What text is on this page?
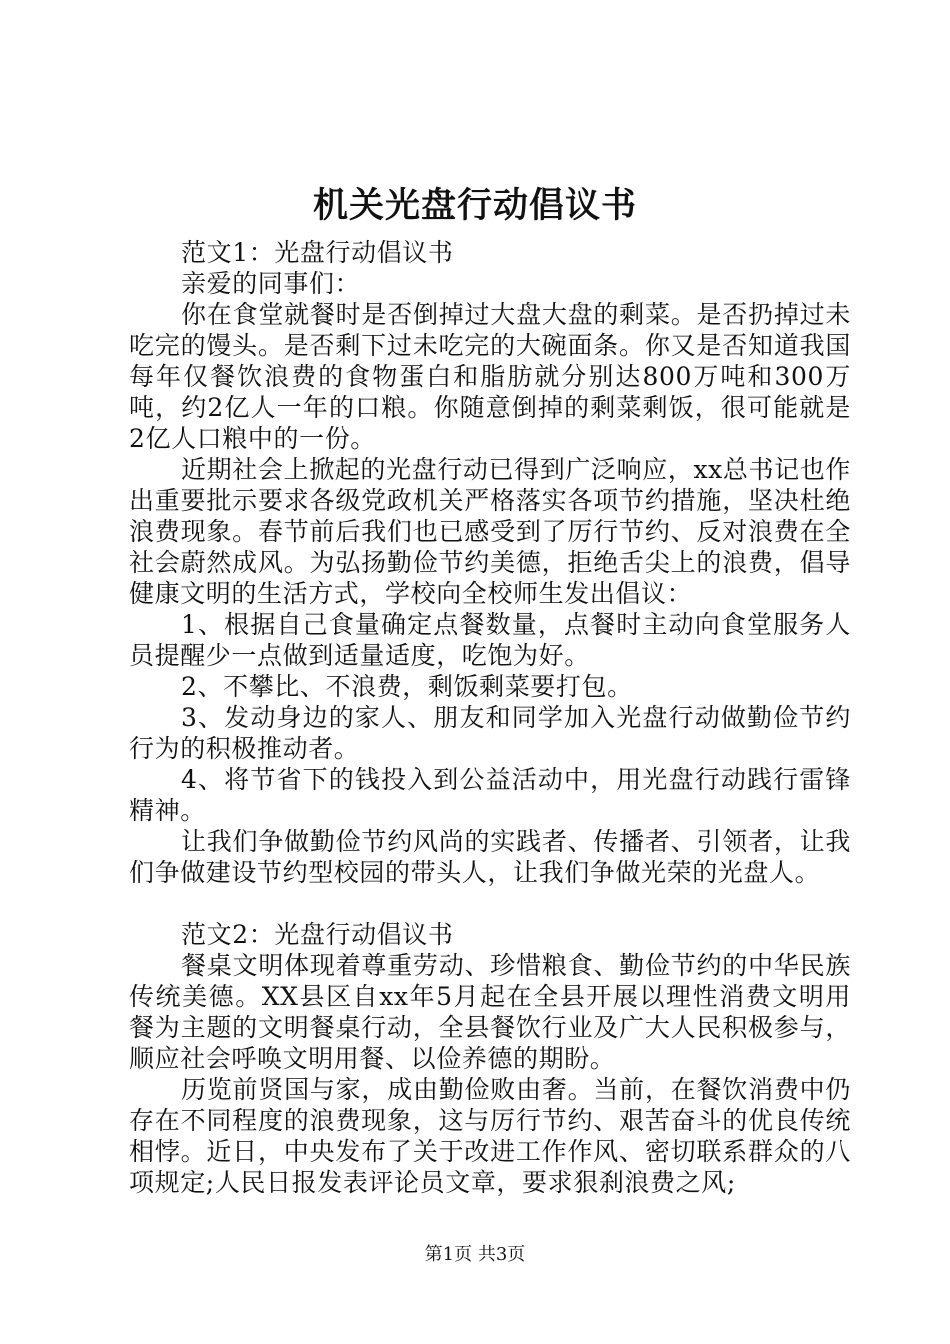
机关光盘行动倡议书

范文1：光盘行动倡议书

亲爱的同事们：

你在食堂就餐时是否倒掉过大盘大盘的剩菜。是否扔掉过未吃完的馒头。是否剩下过未吃完的大碗面条。你又是否知道我国每年仅餐饮浪费的食物蛋白和脂肪就分别达800万吨和300万吨，约2亿人一年的口粮。你随意倒掉的剩菜剩饭，很可能就是2亿人口粮中的一份。

近期社会上掀起的光盘行动已得到广泛响应，xx总书记也作出重要批示要求各级党政机关严格落实各项节约措施，坚决杜绝浪费现象。春节前后我们也已感受到了厉行节约、反对浪费在全社会蔚然成风。为弘扬勤俭节约美德，拒绝舌尖上的浪费，倡导健康文明的生活方式，学校向全校师生发出倡议：

1、根据自己食量确定点餐数量，点餐时主动向食堂服务人员提醒少一点做到适量适度，吃饱为好。

2、不攀比、不浪费，剩饭剩菜要打包。

3、发动身边的家人、朋友和同学加入光盘行动做勤俭节约行为的积极推动者。

4、将节省下的钱投入到公益活动中，用光盘行动践行雷锋精神。

让我们争做勤俭节约风尚的实践者、传播者、引领者，让我们争做建设节约型校园的带头人，让我们争做光荣的光盘人。

范文2：光盘行动倡议书

餐桌文明体现着尊重劳动、珍惜粮食、勤俭节约的中华民族传统美德。XX县区自xx年5月起在全县开展以理性消费文明用餐为主题的文明餐桌行动，全县餐饮行业及广大人民积极参与，顺应社会呼唤文明用餐、以俭养德的期盼。

历览前贤国与家，成由勤俭败由奢。当前，在餐饮消费中仍存在不同程度的浪费现象，这与厉行节约、艰苦奋斗的优良传统相悖。近日，中央发布了关于改进工作作风、密切联系群众的八项规定;人民日报发表评论员文章，要求狠刹浪费之风;

第1页 共3页
